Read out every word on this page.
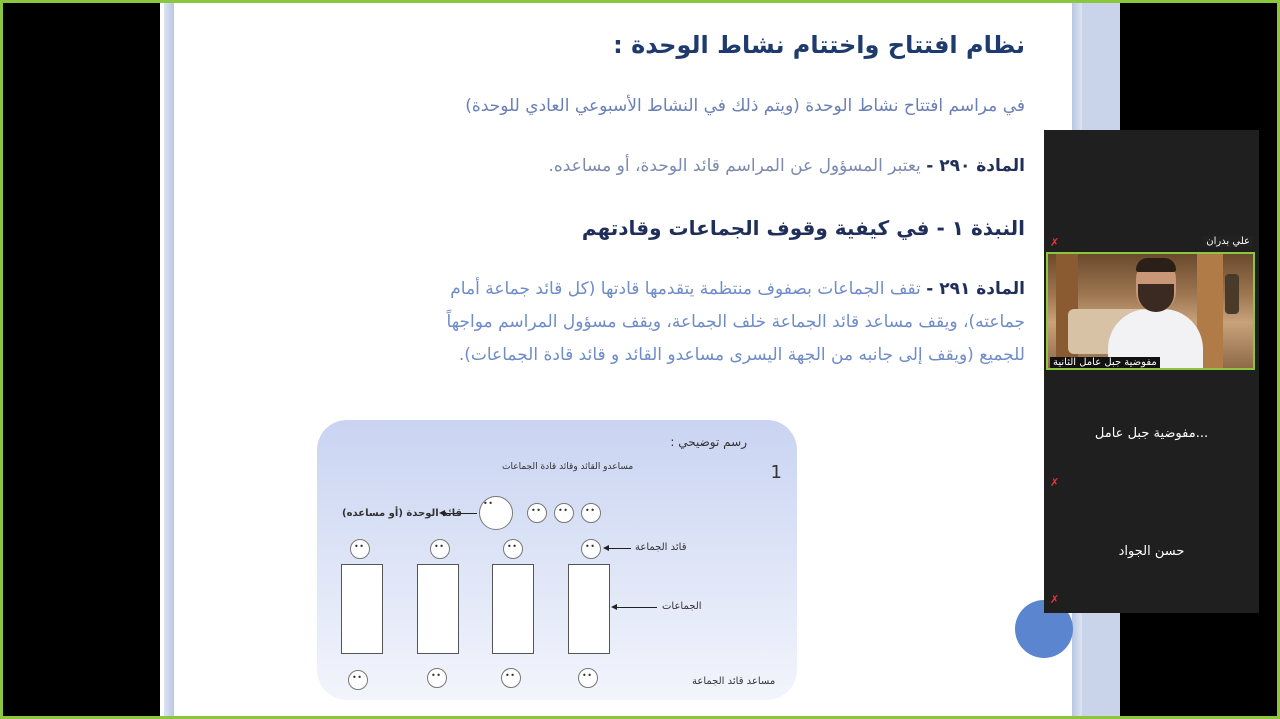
نظام افتتاح واختتام نشاط الوحدة :
في مراسم افتتاح نشاط الوحدة (ويتم ذلك في النشاط الأسبوعي العادي للوحدة)
المادة ٢٩٠ - يعتبر المسؤول عن المراسم قائد الوحدة، أو مساعده.
النبذة ١ - في كيفية وقوف الجماعات وقادتهم
المادة ٢٩١ - تقف الجماعات بصفوف منتظمة يتقدمها قادتها (كل قائد جماعة أمام
جماعته)، ويقف مساعد قائد الجماعة خلف الجماعة، ويقف مسؤول المراسم مواجهاً
للجميع (ويقف إلى جانبه من الجهة اليسرى مساعدو القائد و قائد قادة الجماعات).
رسم توضيحي :
1
مساعدو القائد وقائد قادة الجماعات
• •
• •
• •
• •
قائد الوحدة (أو مساعده)
• •
• •
• •
• •
قائد الجماعة
الجماعات
• •
• •
• •
• •
مساعد قائد الجماعة
✗	علي بدران
مفوضية جبل عامل الثانية
...مفوضية جبل عامل
✗
حسن الجواد
✗
